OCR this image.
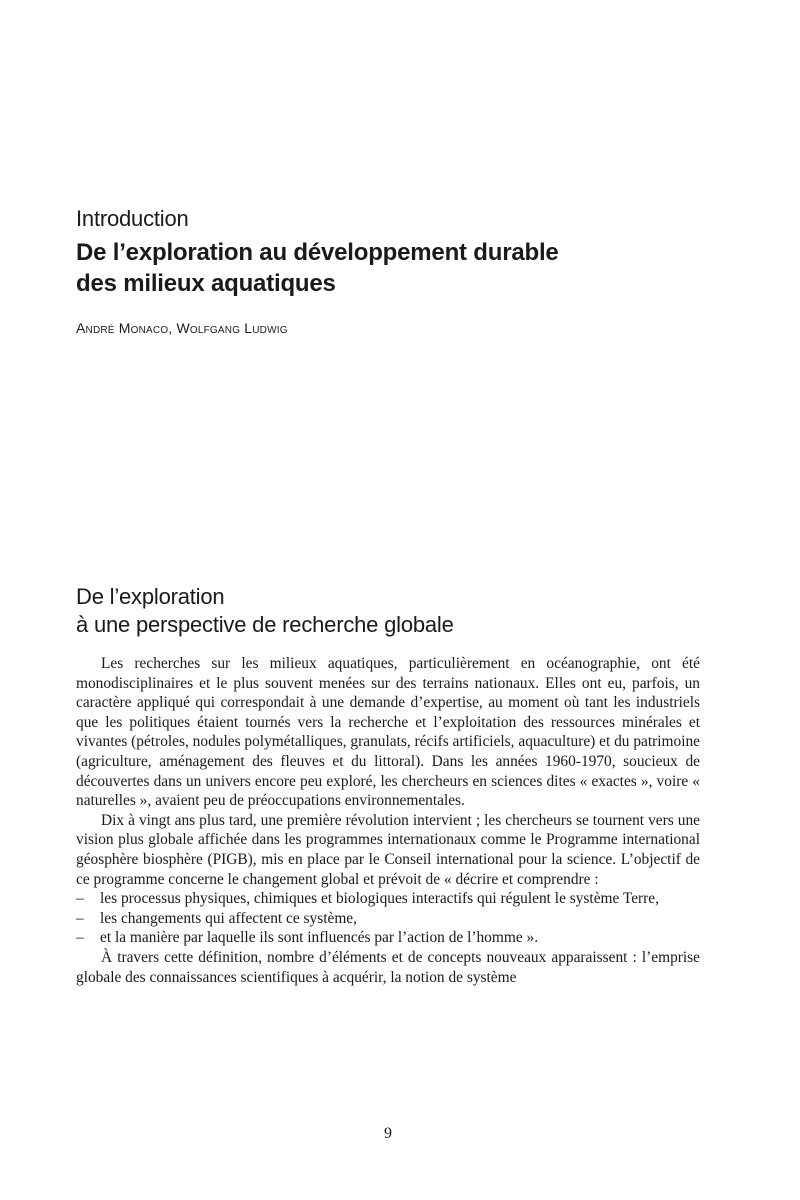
Introduction
De l’exploration au développement durable
des milieux aquatiques

André Monaco, Wolfgang Ludwig

De l’exploration
à une perspective de recherche globale

Les recherches sur les milieux aquatiques, particulièrement en océanographie, ont été monodisciplinaires et le plus souvent menées sur des terrains nationaux. Elles ont eu, parfois, un caractère appliqué qui correspondait à une demande d’expertise, au moment où tant les industriels que les politiques étaient tournés vers la recherche et l’exploitation des ressources minérales et vivantes (pétroles, nodules polymétalliques, granulats, récifs artificiels, aquaculture) et du patrimoine (agriculture, aménagement des fleuves et du littoral). Dans les années 1960-1970, soucieux de découvertes dans un univers encore peu exploré, les chercheurs en sciences dites « exactes », voire « naturelles », avaient peu de préoccupations environnementales.

Dix à vingt ans plus tard, une première révolution intervient ; les chercheurs se tournent vers une vision plus globale affichée dans les programmes internationaux comme le Programme international géosphère biosphère (PIGB), mis en place par le Conseil international pour la science. L’objectif de ce programme concerne le changement global et prévoit de « décrire et comprendre :

– les processus physiques, chimiques et biologiques interactifs qui régulent le système Terre,
– les changements qui affectent ce système,
– et la manière par laquelle ils sont influencés par l’action de l’homme ».

À travers cette définition, nombre d’éléments et de concepts nouveaux apparaissent : l’emprise globale des connaissances scientifiques à acquérir, la notion de système

9
